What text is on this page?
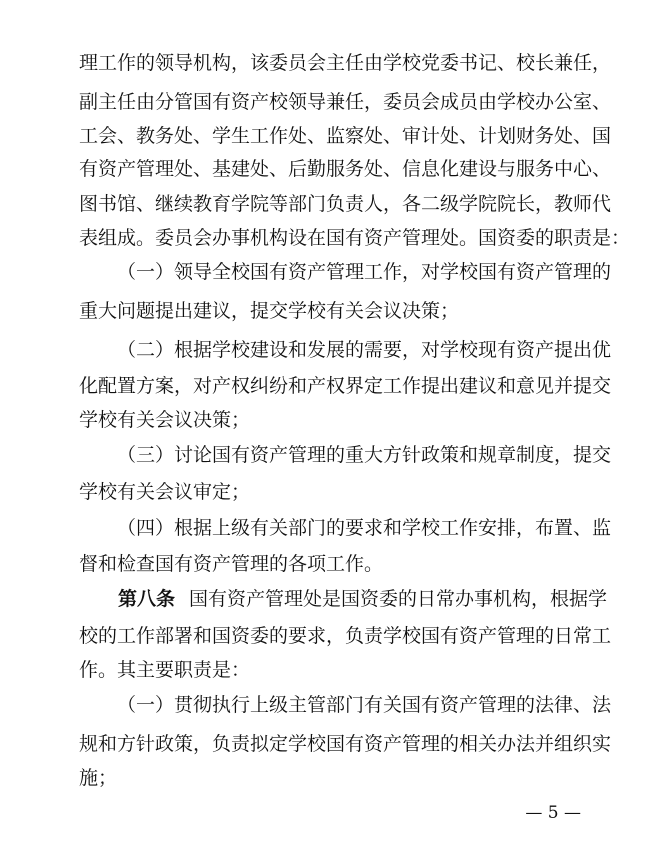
理工作的领导机构，该委员会主任由学校党委书记、校长兼任，
副主任由分管国有资产校领导兼任，委员会成员由学校办公室、
工会、教务处、学生工作处、监察处、审计处、计划财务处、国
有资产管理处、基建处、后勤服务处、信息化建设与服务中心、
图书馆、继续教育学院等部门负责人，各二级学院院长，教师代
表组成。委员会办事机构设在国有资产管理处。国资委的职责是：
（一）领导全校国有资产管理工作，对学校国有资产管理的
重大问题提出建议，提交学校有关会议决策；
（二）根据学校建设和发展的需要，对学校现有资产提出优
化配置方案，对产权纠纷和产权界定工作提出建议和意见并提交
学校有关会议决策；
（三）讨论国有资产管理的重大方针政策和规章制度，提交
学校有关会议审定；
（四）根据上级有关部门的要求和学校工作安排，布置、监
督和检查国有资产管理的各项工作。
第八条 国有资产管理处是国资委的日常办事机构，根据学
校的工作部署和国资委的要求，负责学校国有资产管理的日常工
作。其主要职责是：
（一）贯彻执行上级主管部门有关国有资产管理的法律、法
规和方针政策，负责拟定学校国有资产管理的相关办法并组织实
施；
— 5 —
